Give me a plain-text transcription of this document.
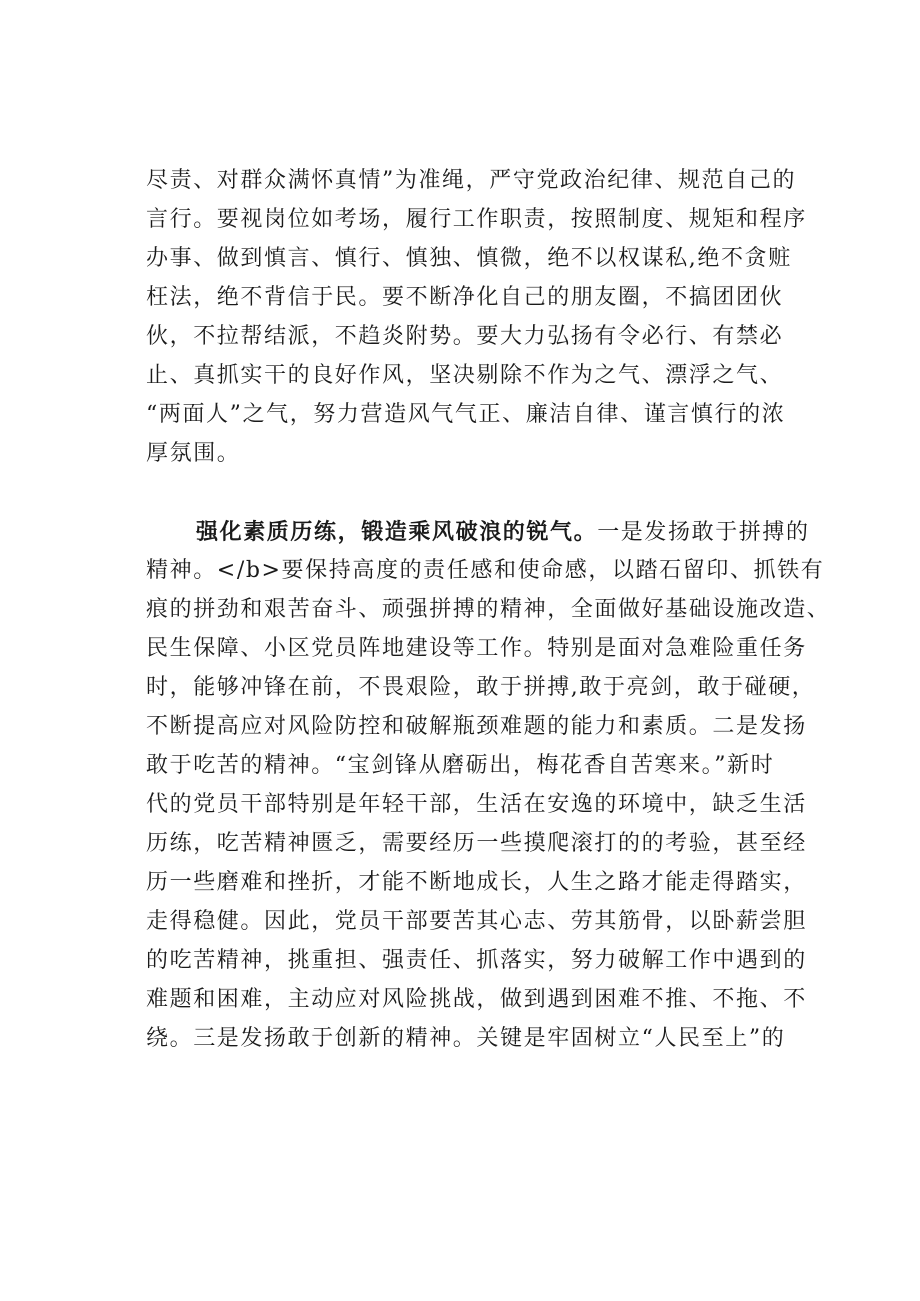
尽责、对群众满怀真情”为准绳，严守党政治纪律、规范自己的
言行。要视岗位如考场，履行工作职责，按照制度、规矩和程序
办事、做到慎言、慎行、慎独、慎微，绝不以权谋私,绝不贪赃
枉法，绝不背信于民。要不断净化自己的朋友圈，不搞团团伙
伙，不拉帮结派，不趋炎附势。要大力弘扬有令必行、有禁必
止、真抓实干的良好作风，坚决剔除不作为之气、漂浮之气、
“两面人”之气，努力营造风气气正、廉洁自律、谨言慎行的浓
厚氛围。
强化素质历练，锻造乘风破浪的锐气。一是发扬敢于拼搏的
精神。</b>要保持高度的责任感和使命感，以踏石留印、抓铁有
痕的拼劲和艰苦奋斗、顽强拼搏的精神，全面做好基础设施改造、
民生保障、小区党员阵地建设等工作。特别是面对急难险重任务
时，能够冲锋在前，不畏艰险，敢于拼搏,敢于亮剑，敢于碰硬，
不断提高应对风险防控和破解瓶颈难题的能力和素质。二是发扬
敢于吃苦的精神。“宝剑锋从磨砺出，梅花香自苦寒来。”新时
代的党员干部特别是年轻干部，生活在安逸的环境中，缺乏生活
历练，吃苦精神匮乏，需要经历一些摸爬滚打的的考验，甚至经
历一些磨难和挫折，才能不断地成长，人生之路才能走得踏实，
走得稳健。因此，党员干部要苦其心志、劳其筋骨，以卧薪尝胆
的吃苦精神，挑重担、强责任、抓落实，努力破解工作中遇到的
难题和困难，主动应对风险挑战，做到遇到困难不推、不拖、不
绕。三是发扬敢于创新的精神。关键是牢固树立“人民至上”的
